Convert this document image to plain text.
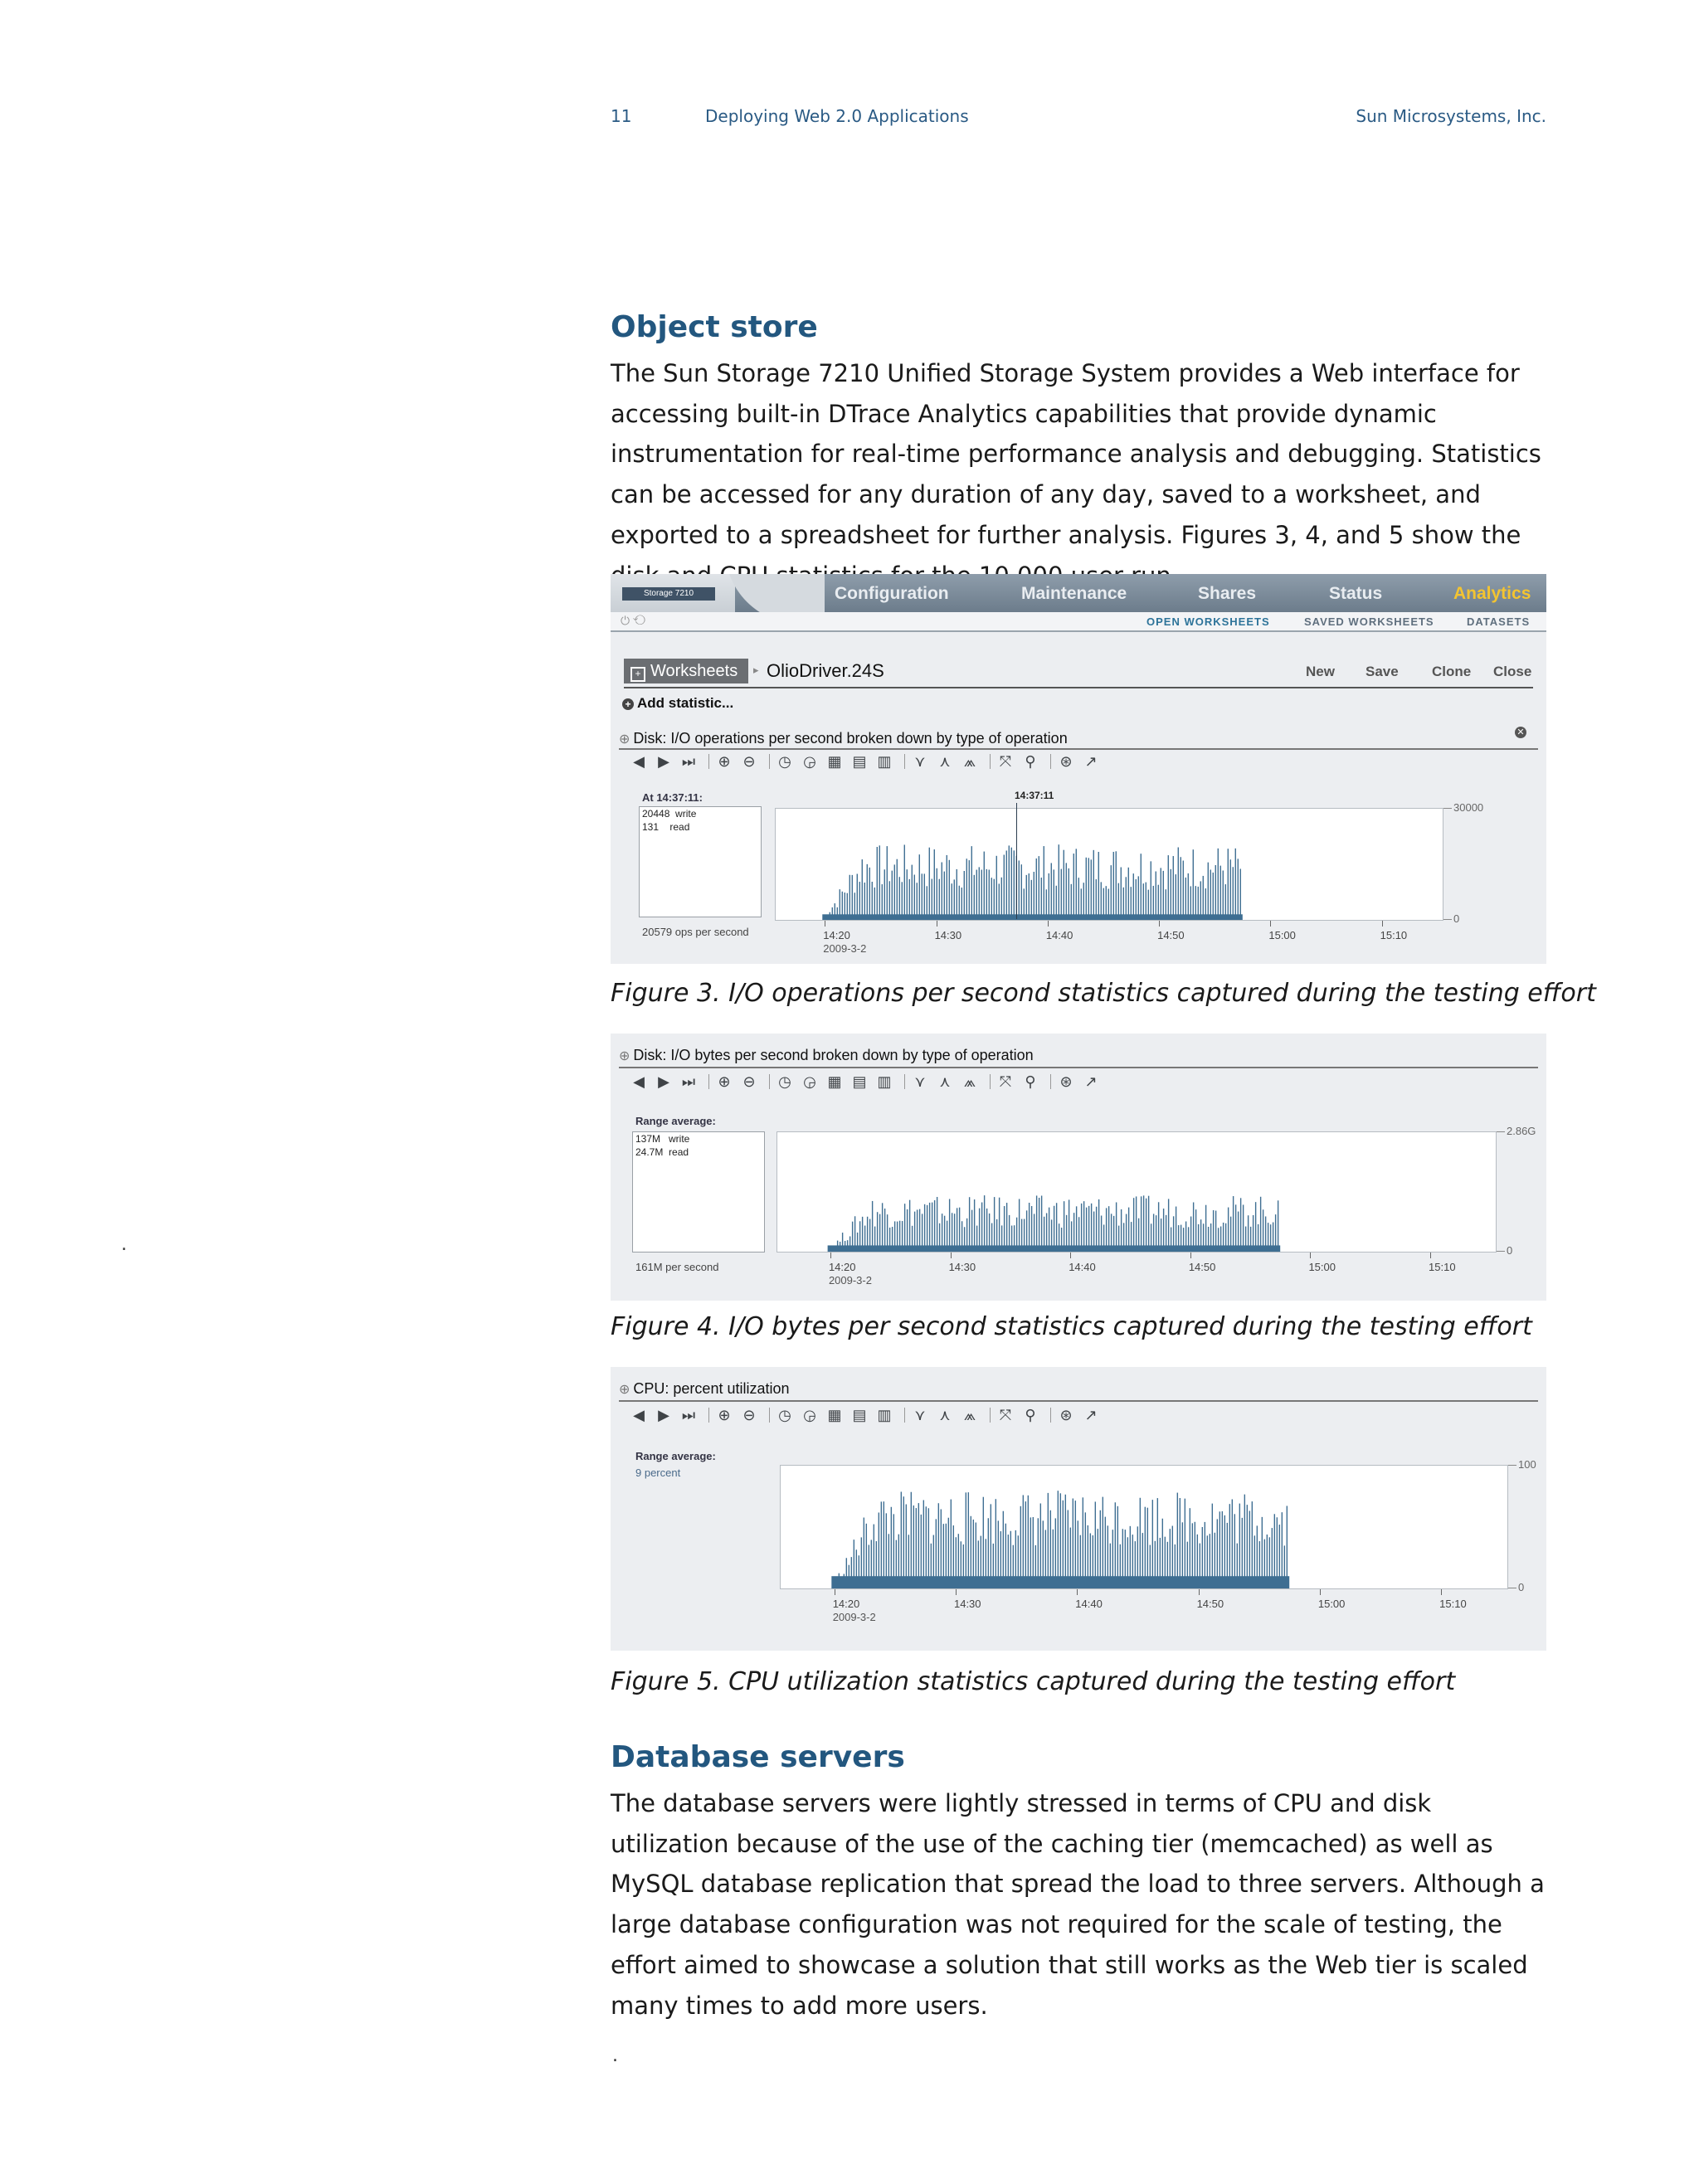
11	Deploying Web 2.0 Applications	Sun Microsystems, Inc.
Object store

The Sun Storage 7210 Unified Storage System provides a Web interface for accessing built-in DTrace Analytics capabilities that provide dynamic instrumentation for real-time performance analysis and debugging. Statistics can be accessed for any duration of any day, saved to a worksheet, and exported to a spreadsheet for further analysis. Figures 3, 4, and 5 show the

Storage 7210	Configuration	Maintenance	Shares	Status	Analytics
⏻ ⟲	OPEN WORKSHEETS	SAVED WORKSHEETS	DATASETS
+ Worksheets	▸ OlioDriver.24S	New Save Clone Close
+ Add statistic...
⊕ Disk: I/O operations per second broken down by type of operation	✕
◀ ▶ ⏭ ⊕ ⊖ ◷ ◶ ▦ ▤ ▥ ⋎ ⋏ ⩕ ⤧ ⚲ ⊛ ↗
At 14:37:11:
20448  write
131    read
20579 ops per second
14:37:11
30000
0
14:20	14:30	14:40	14:50	15:00	15:10
2009-3-2
Figure 3. I/O operations per second statistics captured during the testing effort
⊕ Disk: I/O bytes per second broken down by type of operation
◀ ▶ ⏭ ⊕ ⊖ ◷ ◶ ▦ ▤ ▥ ⋎ ⋏ ⩕ ⤧ ⚲ ⊛ ↗
Range average:
137M   write
24.7M  read
161M per second
2.86G
0
14:20	14:30	14:40	14:50	15:00	15:10
2009-3-2
Figure 4. I/O bytes per second statistics captured during the testing effort
⊕ CPU: percent utilization
◀ ▶ ⏭ ⊕ ⊖ ◷ ◶ ▦ ▤ ▥ ⋎ ⋏ ⩕ ⤧ ⚲ ⊛ ↗
Range average:
9 percent
100
0
14:20	14:30	14:40	14:50	15:00	15:10
2009-3-2
Figure 5. CPU utilization statistics captured during the testing effort
Database servers

The database servers were lightly stressed in terms of CPU and disk utilization because of the use of the caching tier (memcached) as well as MySQL database replication that spread the load to three servers. Although a large database configuration was not required for the scale of testing, the effort aimed to showcase a solution that still works as the Web tier is scaled many times to add more users.

.
.
